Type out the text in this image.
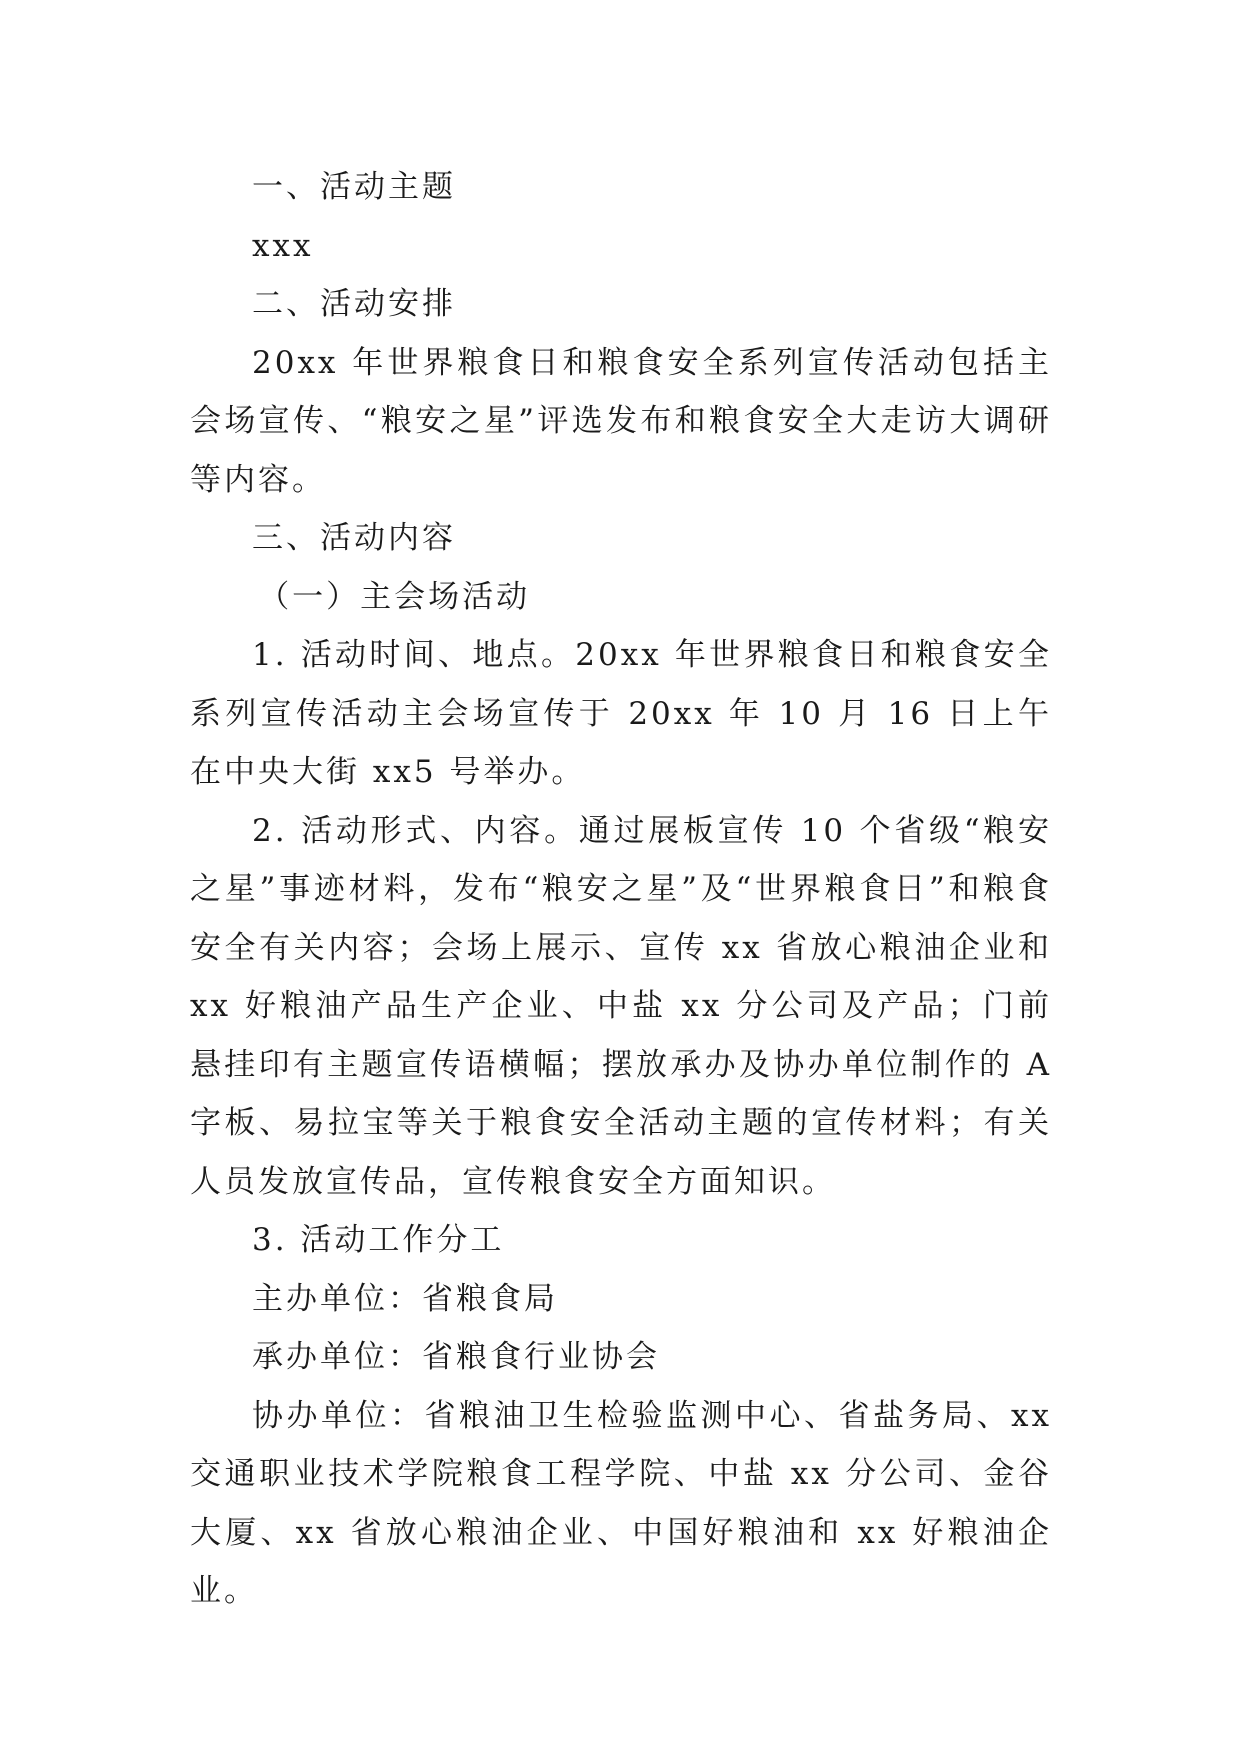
一、活动主题

xxx

二、活动安排

20xx 年世界粮食日和粮食安全系列宣传活动包括主会场宣传、“粮安之星”评选发布和粮食安全大走访大调研等内容。

三、活动内容

（一）主会场活动

1. 活动时间、地点。20xx 年世界粮食日和粮食安全系列宣传活动主会场宣传于 20xx 年 10 月 16 日上午在中央大街 xx5 号举办。

2. 活动形式、内容。通过展板宣传 10 个省级“粮安之星”事迹材料，发布“粮安之星”及“世界粮食日”和粮食安全有关内容；会场上展示、宣传 xx 省放心粮油企业和 xx 好粮油产品生产企业、中盐 xx 分公司及产品；门前悬挂印有主题宣传语横幅；摆放承办及协办单位制作的 A 字板、易拉宝等关于粮食安全活动主题的宣传材料；有关人员发放宣传品，宣传粮食安全方面知识。

3. 活动工作分工

主办单位：省粮食局

承办单位：省粮食行业协会

协办单位：省粮油卫生检验监测中心、省盐务局、xx 交通职业技术学院粮食工程学院、中盐 xx 分公司、金谷大厦、xx 省放心粮油企业、中国好粮油和 xx 好粮油企业。
